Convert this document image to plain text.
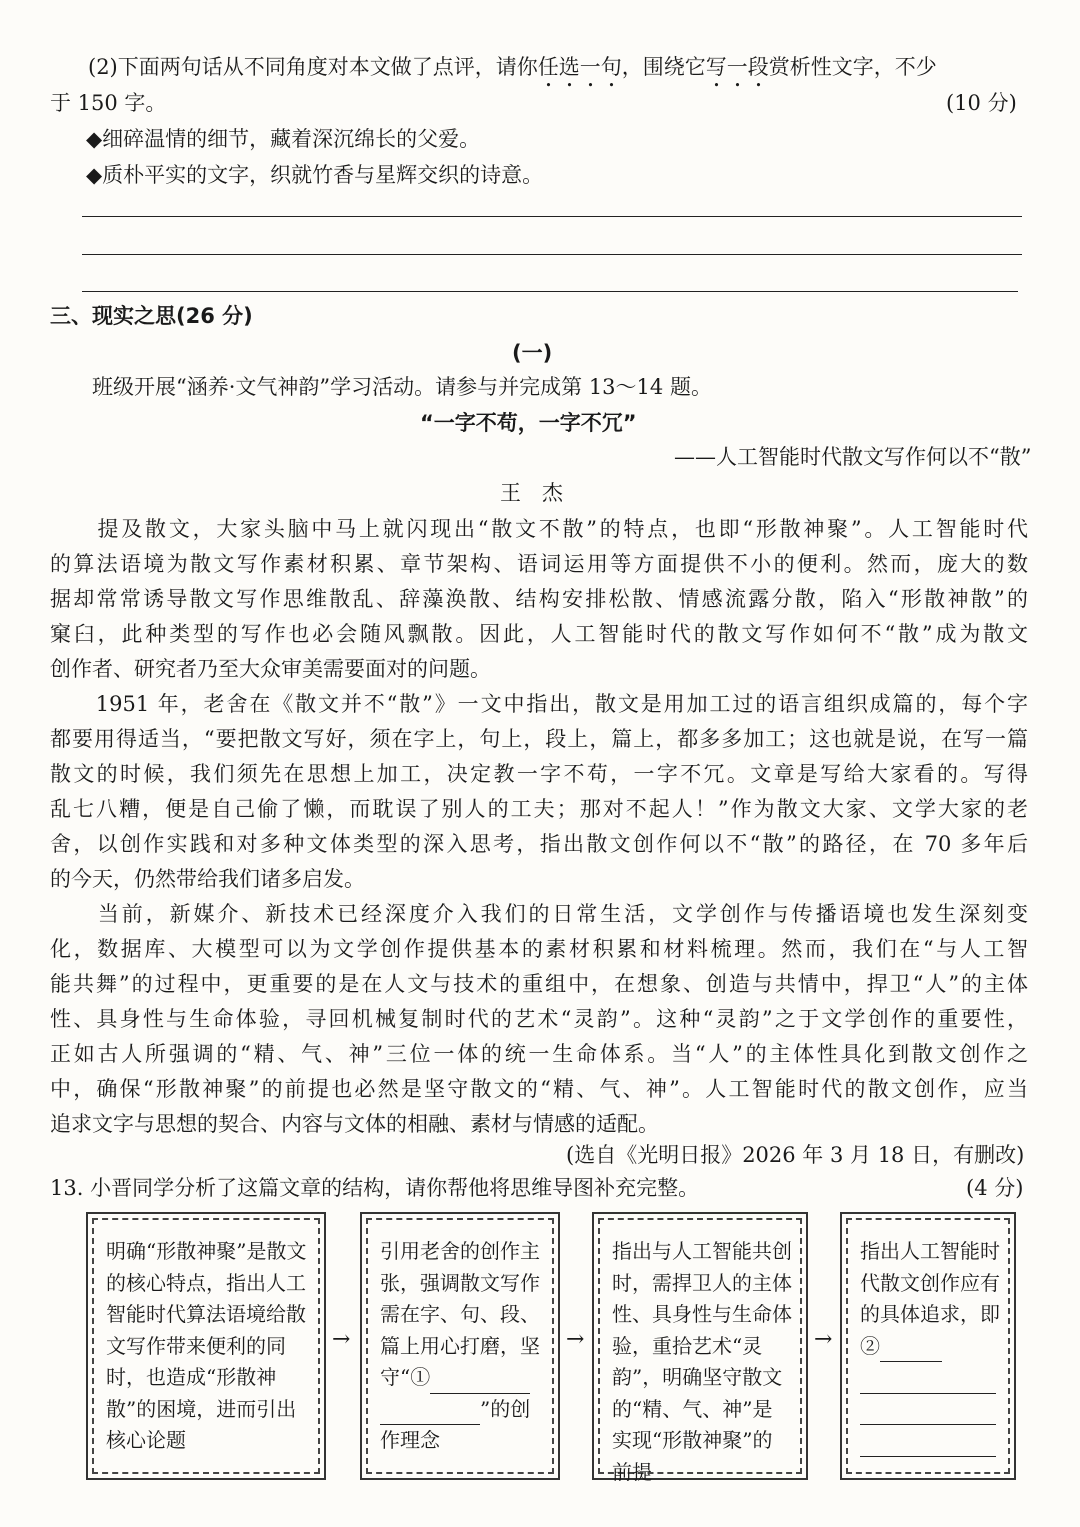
(2)下面两句话从不同角度对本文做了点评，请你任选一句，围绕它写一段赏析性文字，不少
于 150 字。	(10 分)
◆细碎温情的细节，藏着深沉绵长的父爱。
◆质朴平实的文字，织就竹香与星辉交织的诗意。
三、现实之思(26 分)
(一)
班级开展“涵养·文气神韵”学习活动。请参与并完成第 13～14 题。
“一字不苟，一字不冗”
——人工智能时代散文写作何以不“散”
王　杰
　　提及散文，大家头脑中马上就闪现出“散文不散”的特点，也即“形散神聚”。人工智能时代
的算法语境为散文写作素材积累、章节架构、语词运用等方面提供不小的便利。然而，庞大的数
据却常常诱导散文写作思维散乱、辞藻涣散、结构安排松散、情感流露分散，陷入“形散神散”的
窠臼，此种类型的写作也必会随风飘散。因此，人工智能时代的散文写作如何不“散”成为散文
创作者、研究者乃至大众审美需要面对的问题。
　　1951 年，老舍在《散文并不“散”》一文中指出，散文是用加工过的语言组织成篇的，每个字
都要用得适当，“要把散文写好，须在字上，句上，段上，篇上，都多多加工；这也就是说，在写一篇
散文的时候，我们须先在思想上加工，决定教一字不苟，一字不冗。文章是写给大家看的。写得
乱七八糟，便是自己偷了懒，而耽误了别人的工夫；那对不起人！”作为散文大家、文学大家的老
舍，以创作实践和对多种文体类型的深入思考，指出散文创作何以不“散”的路径，在 70 多年后
的今天，仍然带给我们诸多启发。
　　当前，新媒介、新技术已经深度介入我们的日常生活，文学创作与传播语境也发生深刻变
化，数据库、大模型可以为文学创作提供基本的素材积累和材料梳理。然而，我们在“与人工智
能共舞”的过程中，更重要的是在人文与技术的重组中，在想象、创造与共情中，捍卫“人”的主体
性、具身性与生命体验，寻回机械复制时代的艺术“灵韵”。这种“灵韵”之于文学创作的重要性，
正如古人所强调的“精、气、神”三位一体的统一生命体系。当“人”的主体性具化到散文创作之
中，确保“形散神聚”的前提也必然是坚守散文的“精、气、神”。人工智能时代的散文创作，应当
追求文字与思想的契合、内容与文体的相融、素材与情感的适配。
(选自《光明日报》2026 年 3 月 18 日，有删改)
13. 小晋同学分析了这篇文章的结构，请你帮他将思维导图补充完整。	(4 分)
明确“形散神聚”是散文的核心特点，指出人工智能时代算法语境给散文写作带来便利的同时，也造成“形散神散”的困境，进而引出核心论题
→
引用老舍的创作主张，强调散文写作需在字、句、段、篇上用心打磨，坚守“①
”的创作理念
→
指出与人工智能共创时，需捍卫人的主体性、具身性与生命体验，重拾艺术“灵韵”，明确坚守散文的“精、气、神”是实现“形散神聚”的前提
→
指出人工智能时代散文创作应有的具体追求，即②
